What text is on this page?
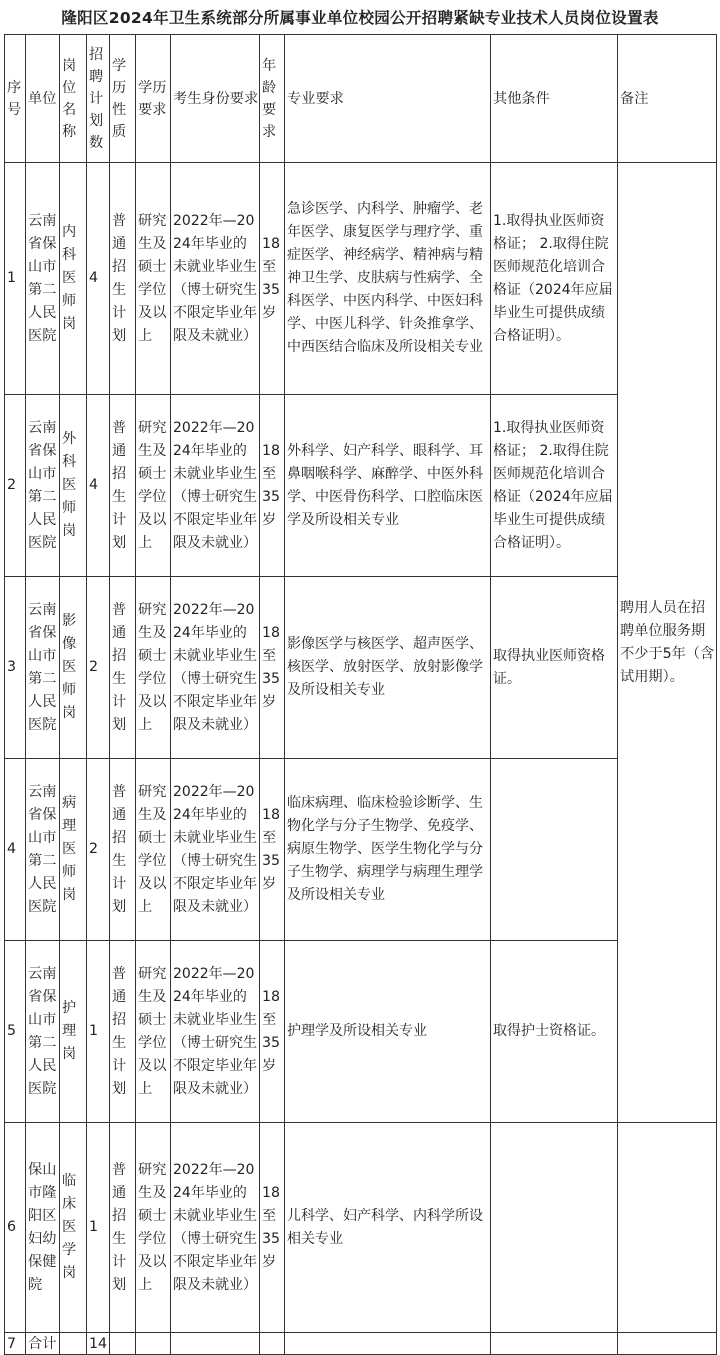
隆阳区2024年卫生系统部分所属事业单位校园公开招聘紧缺专业技术人员岗位设置表
序号	单位	岗位名称	招聘计划数	学历性质	学历要求	考生身份要求	年龄要求	专业要求	其他条件	备注
1	云南省保山市第二人民医院	内科医师岗	4	普通招生计划	研究生及硕士学位及以上	2022年—2024年毕业的未就业毕业生（博士研究生不限定毕业年限及未就业）	18至35岁	急诊医学、内科学、肿瘤学、老年医学、康复医学与理疗学、重症医学、神经病学、精神病与精神卫生学、皮肤病与性病学、全科医学、中医内科学、中医妇科学、中医儿科学、针灸推拿学、中西医结合临床及所设相关专业	1.取得执业医师资格证； 2.取得住院医师规范化培训合格证（2024年应届毕业生可提供成绩合格证明）。	聘用人员在招聘单位服务期不少于5年（含试用期）。
2	云南省保山市第二人民医院	外科医师岗	4	普通招生计划	研究生及硕士学位及以上	2022年—2024年毕业的未就业毕业生（博士研究生不限定毕业年限及未就业）	18至35岁	外科学、妇产科学、眼科学、耳鼻咽喉科学、麻醉学、中医外科学、中医骨伤科学、口腔临床医学及所设相关专业	1.取得执业医师资格证； 2.取得住院医师规范化培训合格证（2024年应届毕业生可提供成绩合格证明）。	
3	云南省保山市第二人民医院	影像医师岗	2	普通招生计划	研究生及硕士学位及以上	2022年—2024年毕业的未就业毕业生（博士研究生不限定毕业年限及未就业）	18至35岁	影像医学与核医学、超声医学、核医学、放射医学、放射影像学及所设相关专业	取得执业医师资格证。	
4	云南省保山市第二人民医院	病理医师岗	2	普通招生计划	研究生及硕士学位及以上	2022年—2024年毕业的未就业毕业生（博士研究生不限定毕业年限及未就业）	18至35岁	临床病理、临床检验诊断学、生物化学与分子生物学、免疫学、病原生物学、医学生物化学与分子生物学、病理学与病理生理学及所设相关专业		
5	云南省保山市第二人民医院	护理岗	1	普通招生计划	研究生及硕士学位及以上	2022年—2024年毕业的未就业毕业生（博士研究生不限定毕业年限及未就业）	18至35岁	护理学及所设相关专业	取得护士资格证。	
6	保山市隆阳区妇幼保健院	临床医学岗	1	普通招生计划	研究生及硕士学位及以上	2022年—2024年毕业的未就业毕业生（博士研究生不限定毕业年限及未就业）	18至35岁	儿科学、妇产科学、内科学所设相关专业		
7	合计		14							
